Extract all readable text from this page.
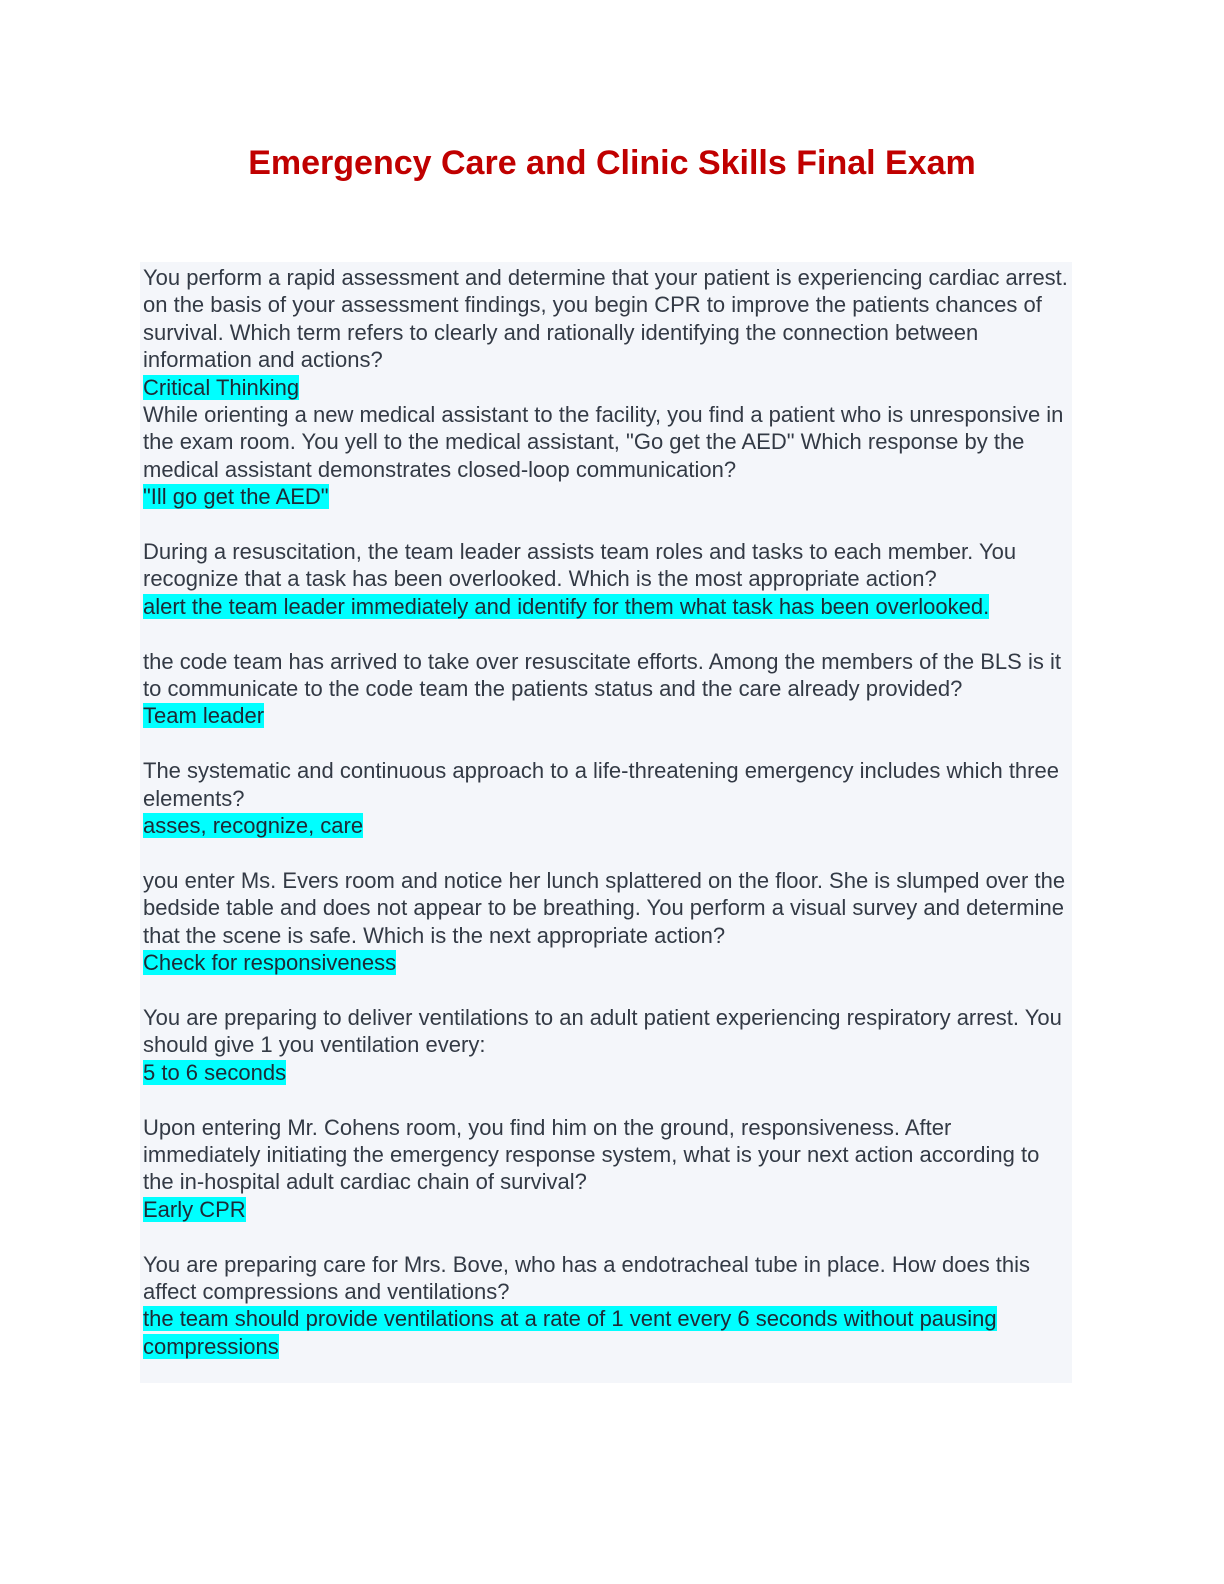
Emergency Care and Clinic Skills Final Exam
You perform a rapid assessment and determine that your patient is experiencing cardiac arrest. on the basis of your assessment findings, you begin CPR to improve the patients chances of survival. Which term refers to clearly and rationally identifying the connection between information and actions?
Critical Thinking
While orienting a new medical assistant to the facility, you find a patient who is unresponsive in the exam room. You yell to the medical assistant, "Go get the AED" Which response by the medical assistant demonstrates closed-loop communication?
"Ill go get the AED"
During a resuscitation, the team leader assists team roles and tasks to each member. You recognize that a task has been overlooked. Which is the most appropriate action?
alert the team leader immediately and identify for them what task has been overlooked.
the code team has arrived to take over resuscitate efforts. Among the members of the BLS is it to communicate to the code team the patients status and the care already provided?
Team leader
The systematic and continuous approach to a life-threatening emergency includes which three elements?
asses, recognize, care
you enter Ms. Evers room and notice her lunch splattered on the floor. She is slumped over the bedside table and does not appear to be breathing. You perform a visual survey and determine that the scene is safe. Which is the next appropriate action?
Check for responsiveness
You are preparing to deliver ventilations to an adult patient experiencing respiratory arrest. You should give 1 you ventilation every:
5 to 6 seconds
Upon entering Mr. Cohens room, you find him on the ground, responsiveness. After immediately initiating the emergency response system, what is your next action according to the in-hospital adult cardiac chain of survival?
Early CPR
You are preparing care for Mrs. Bove, who has a endotracheal tube in place. How does this affect compressions and ventilations?
the team should provide ventilations at a rate of 1 vent every 6 seconds without pausing compressions
